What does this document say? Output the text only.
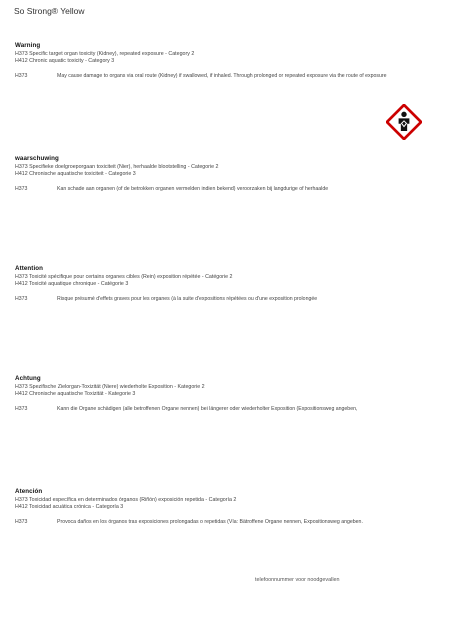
So Strong® Yellow
Warning
H373 Specific target organ toxicity (Kidney), repeated exposure - Category 2
H412 Chronic aquatic toxicity - Category 3
H373	May cause damage to organs via oral route (Kidney) if swallowed, if inhaled. Through prolonged or repeated exposure via the route of exposure
waarschuwing
H373 Specifieke doelgroeporgaan toxiciteit (Nier), herhaalde blootstelling - Categorie 2
H412 Chronische aquatische toxiciteit - Categorie 3
H373	Kan schade aan organen (of de betrokken organen vermelden indien bekend) veroorzaken bij langdurige of herhaalde
Attention
H373 Toxicité spécifique pour certains organes cibles (Rein) exposition répétée - Catégorie 2
H412 Toxicité aquatique chronique - Catégorie 3
H373	Risque présumé d'effets graves pour les organes (à la suite d'expositions répétées ou d'une exposition prolongée
Achtung
H373 Spezifische Zielorgan-Toxizität (Niere) wiederholte Exposition - Kategorie 2
H412 Chronische aquatische Toxizität - Kategorie 3
H373	Kann die Organe schädigen (alle betroffenen Organe nennen) bei längerer oder wiederholter Exposition (Expositionsweg angeben,
Atención
H373 Toxicidad específica en determinados órganos (Riñón) exposición repetida - Categoría 2
H412 Toxicidad acuática crónica - Categoría 3
H373	Provoca daños en los órganos tras exposiciones prolongadas o repetidas (Vía: Bätroffene Organe nennen, Expositionsweg angeben.
telefoonnummer voor noodgevallen
